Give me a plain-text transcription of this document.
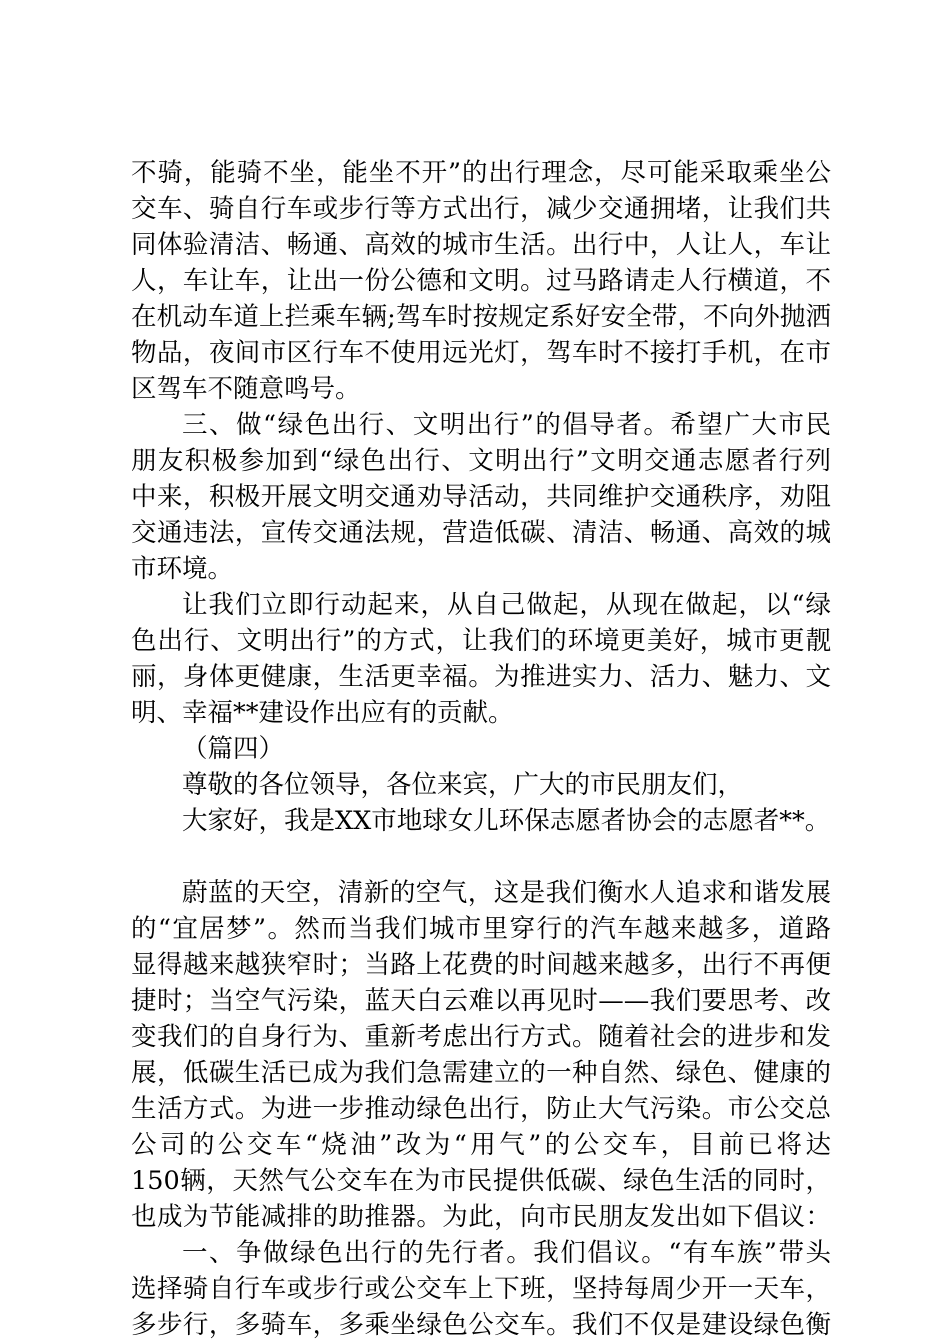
不骑，能骑不坐，能坐不开”的出行理念，尽可能采取乘坐公
交车、骑自行车或步行等方式出行，减少交通拥堵，让我们共
同体验清洁、畅通、高效的城市生活。出行中，人让人，车让
人，车让车，让出一份公德和文明。过马路请走人行横道，不
在机动车道上拦乘车辆;驾车时按规定系好安全带，不向外抛洒
物品，夜间市区行车不使用远光灯，驾车时不接打手机，在市
区驾车不随意鸣号。
三、做“绿色出行、文明出行”的倡导者。希望广大市民
朋友积极参加到“绿色出行、文明出行”文明交通志愿者行列
中来，积极开展文明交通劝导活动，共同维护交通秩序，劝阻
交通违法，宣传交通法规，营造低碳、清洁、畅通、高效的城
市环境。
让我们立即行动起来，从自己做起，从现在做起，以“绿
色出行、文明出行”的方式，让我们的环境更美好，城市更靓
丽，身体更健康，生活更幸福。为推进实力、活力、魅力、文
明、幸福**建设作出应有的贡献。
（篇四）
尊敬的各位领导，各位来宾，广大的市民朋友们，
大家好，我是XX市地球女儿环保志愿者协会的志愿者**。
蔚蓝的天空，清新的空气，这是我们衡水人追求和谐发展
的“宜居梦”。然而当我们城市里穿行的汽车越来越多，道路
显得越来越狭窄时；当路上花费的时间越来越多，出行不再便
捷时；当空气污染，蓝天白云难以再见时——我们要思考、改
变我们的自身行为、重新考虑出行方式。随着社会的进步和发
展，低碳生活已成为我们急需建立的一种自然、绿色、健康的
生活方式。为进一步推动绿色出行，防止大气污染。市公交总
公司的公交车“烧油”改为“用气”的公交车，目前已将达
150辆，天然气公交车在为市民提供低碳、绿色生活的同时，
也成为节能减排的助推器。为此，向市民朋友发出如下倡议：
一、争做绿色出行的先行者。我们倡议。“有车族”带头
选择骑自行车或步行或公交车上下班，坚持每周少开一天车，
多步行，多骑车，多乘坐绿色公交车。我们不仅是建设绿色衡
